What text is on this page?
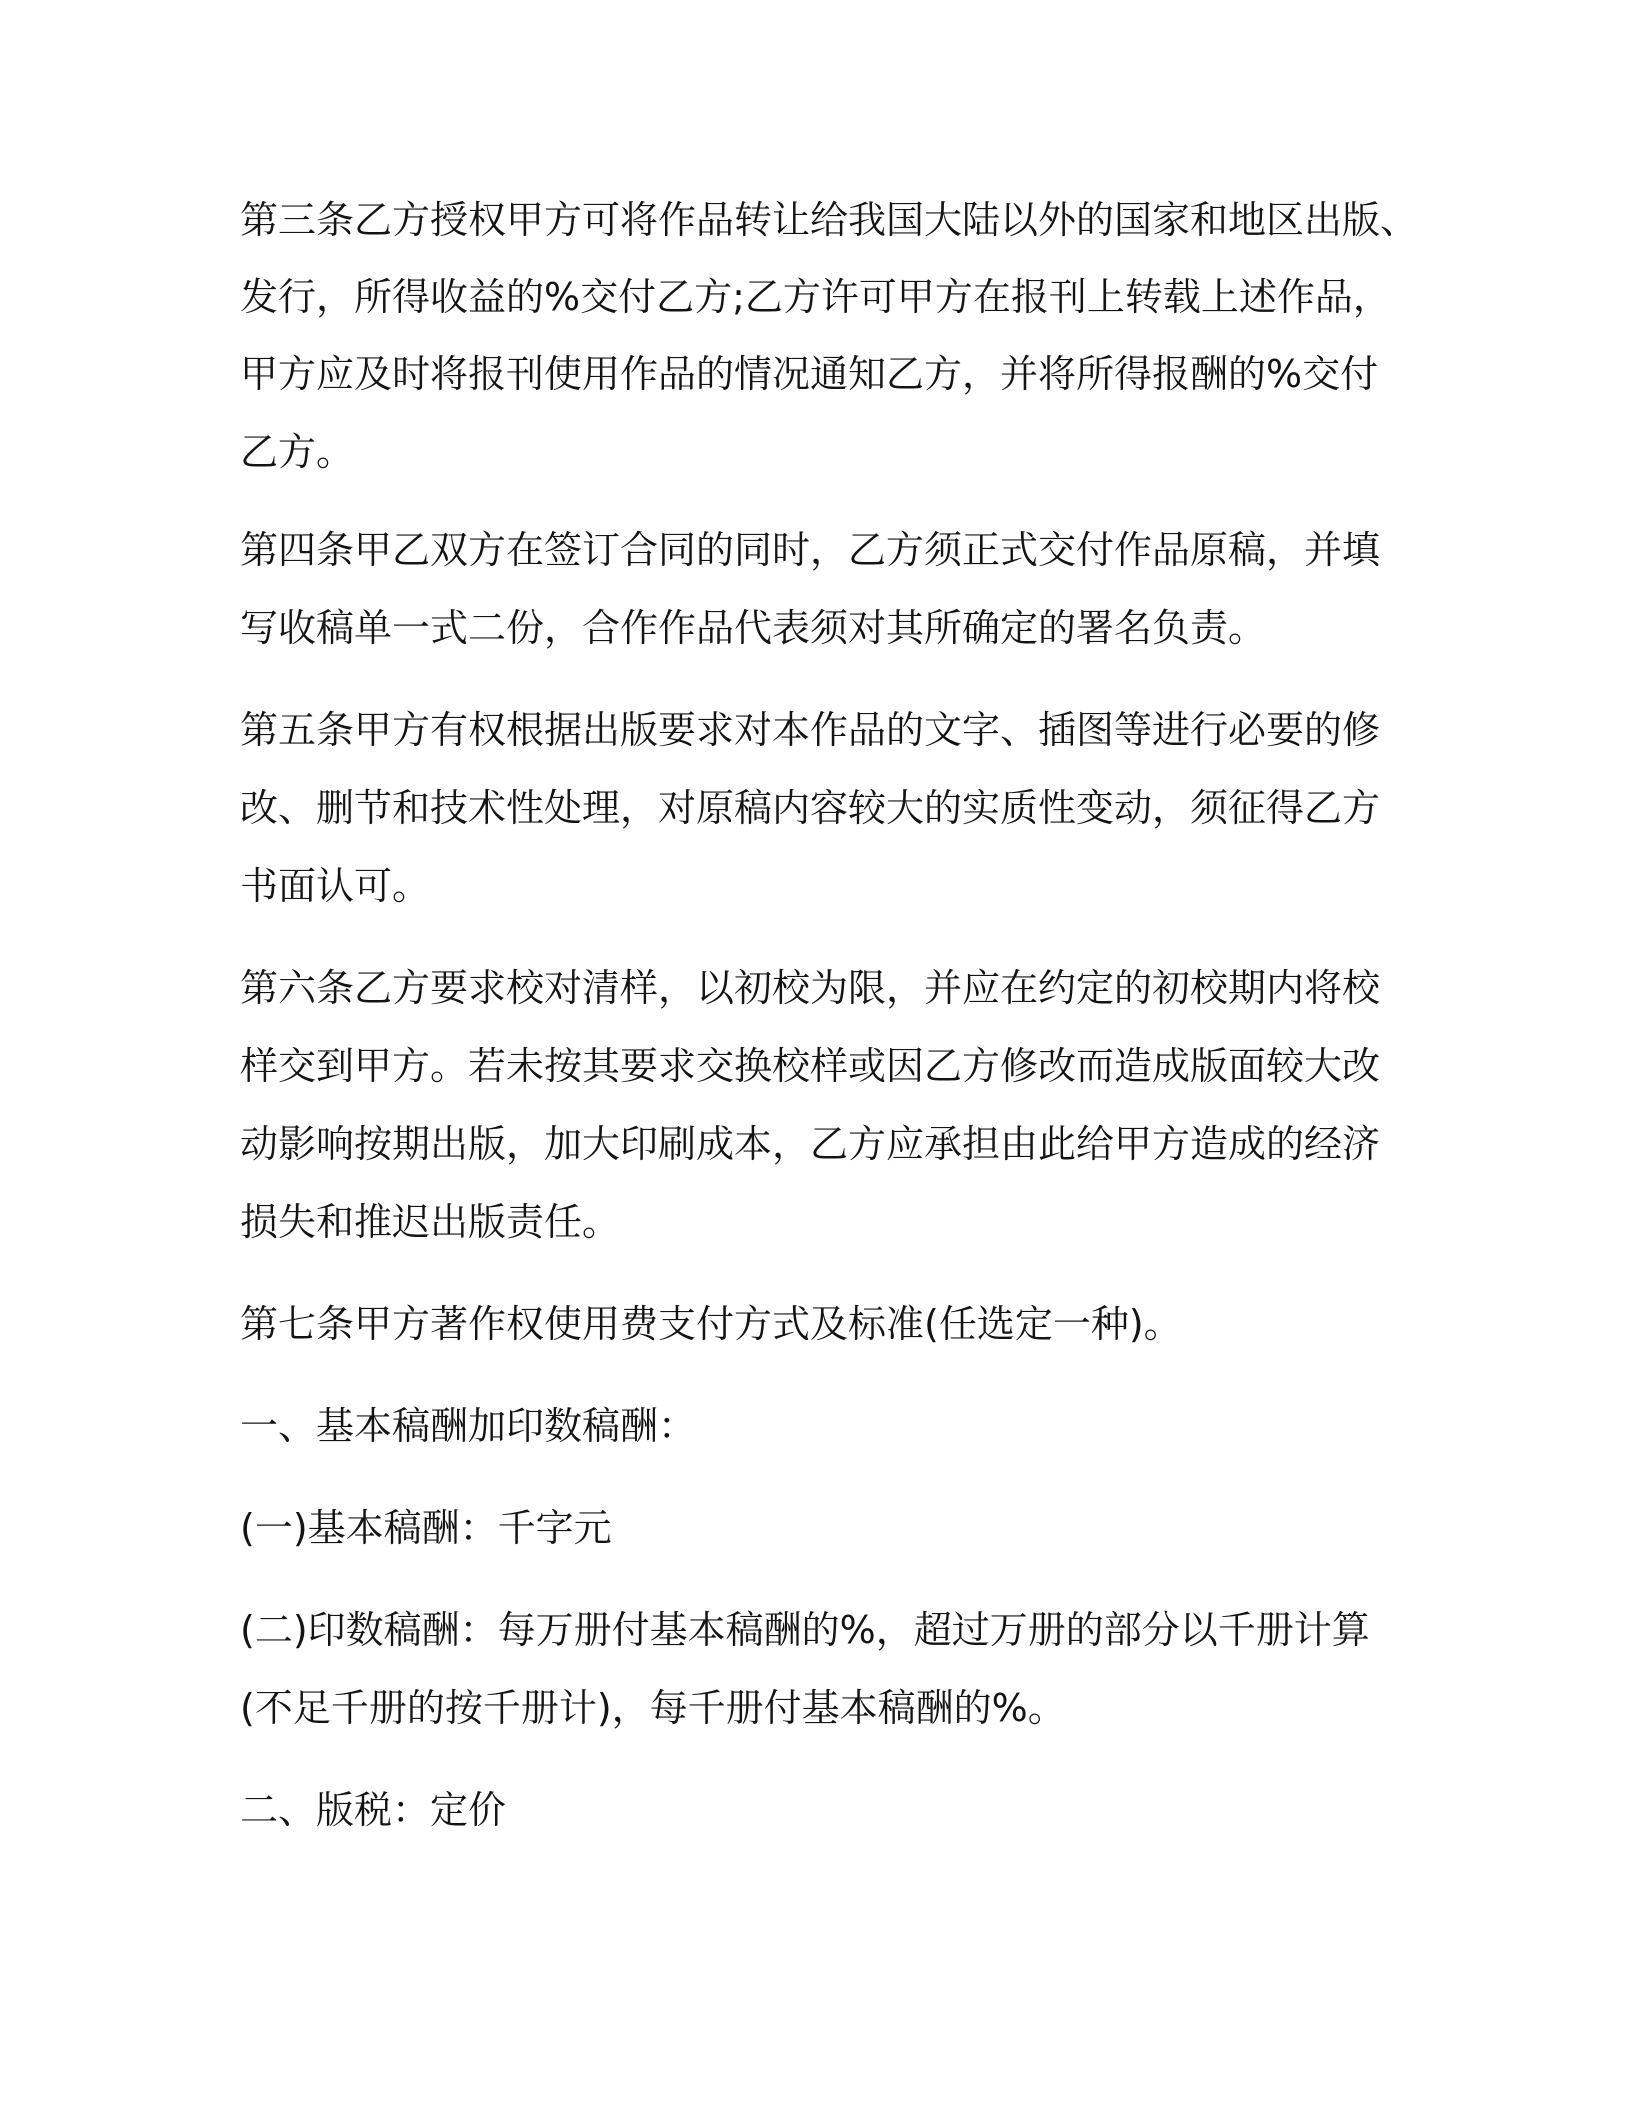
第三条乙方授权甲方可将作品转让给我国大陆以外的国家和地区出版、

发行，所得收益的%交付乙方;乙方许可甲方在报刊上转载上述作品，

甲方应及时将报刊使用作品的情况通知乙方，并将所得报酬的%交付

乙方。

第四条甲乙双方在签订合同的同时，乙方须正式交付作品原稿，并填

写收稿单一式二份，合作作品代表须对其所确定的署名负责。

第五条甲方有权根据出版要求对本作品的文字、插图等进行必要的修

改、删节和技术性处理，对原稿内容较大的实质性变动，须征得乙方

书面认可。

第六条乙方要求校对清样，以初校为限，并应在约定的初校期内将校

样交到甲方。若未按其要求交换校样或因乙方修改而造成版面较大改

动影响按期出版，加大印刷成本，乙方应承担由此给甲方造成的经济

损失和推迟出版责任。

第七条甲方著作权使用费支付方式及标准(任选定一种)。

一、基本稿酬加印数稿酬：

(一)基本稿酬：千字元

(二)印数稿酬：每万册付基本稿酬的%，超过万册的部分以千册计算

(不足千册的按千册计)，每千册付基本稿酬的%。

二、版税：定价
